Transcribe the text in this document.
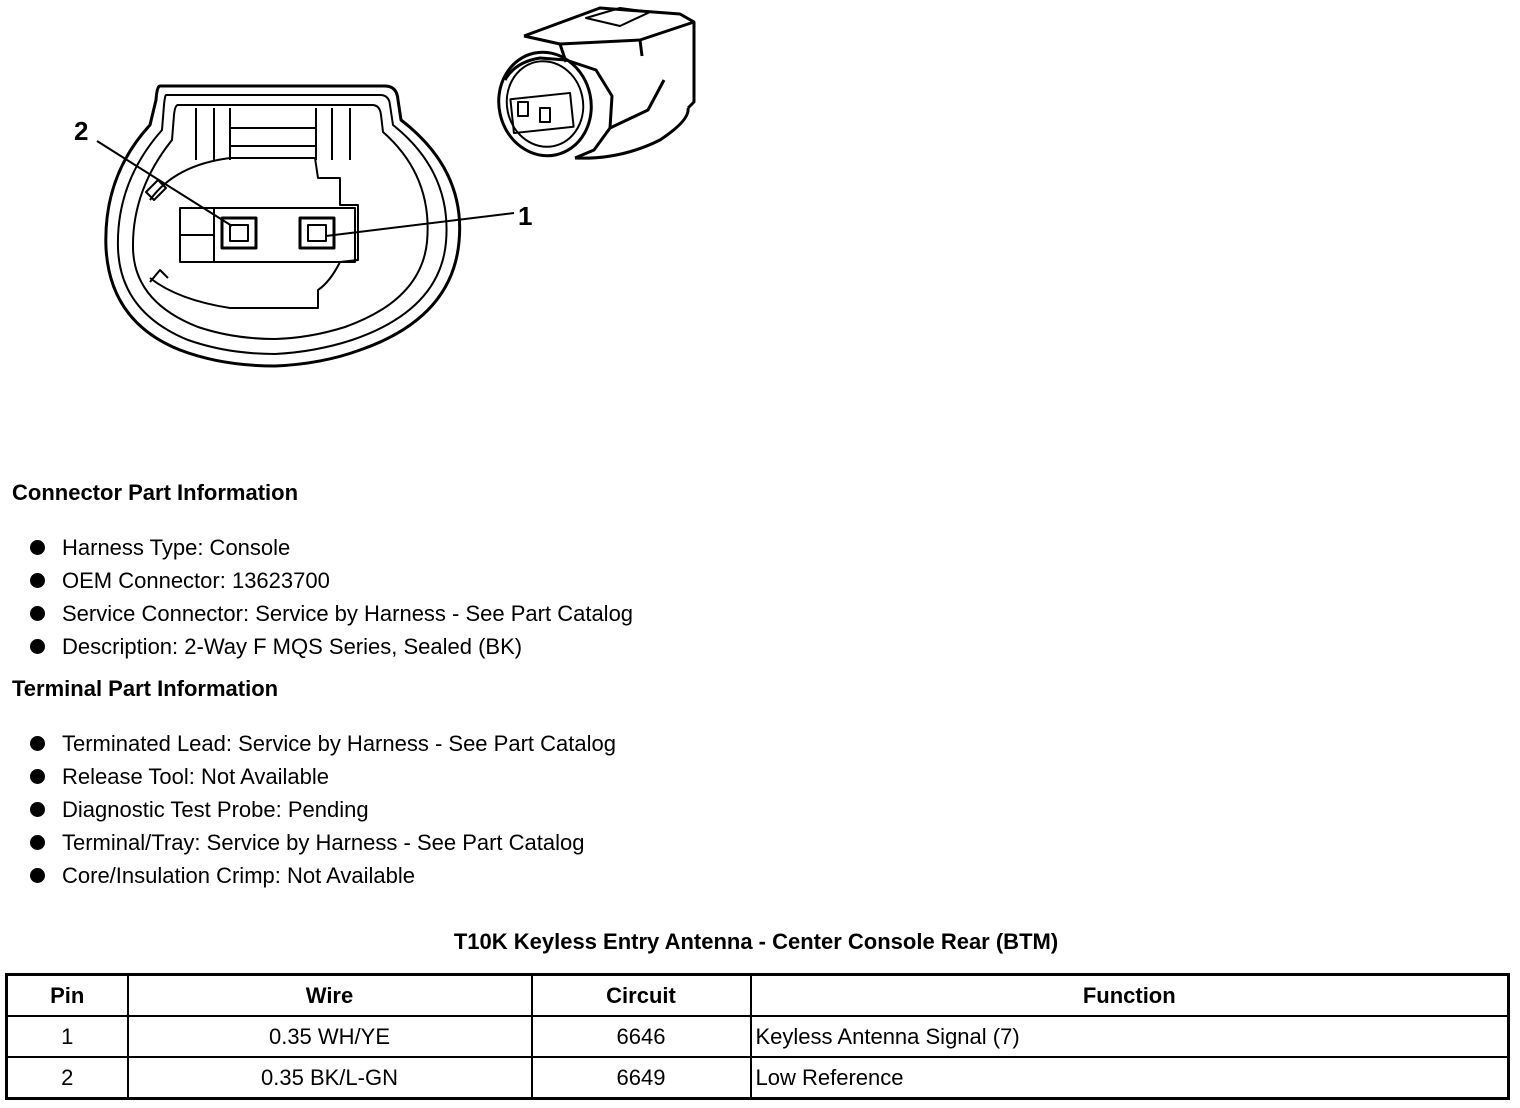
2
1
Connector Part Information
Harness Type: Console
OEM Connector: 13623700
Service Connector: Service by Harness - See Part Catalog
Description: 2-Way F MQS Series, Sealed (BK)
Terminal Part Information
Terminated Lead: Service by Harness - See Part Catalog
Release Tool: Not Available
Diagnostic Test Probe: Pending
Terminal/Tray: Service by Harness - See Part Catalog
Core/Insulation Crimp: Not Available
T10K Keyless Entry Antenna - Center Console Rear (BTM)
Pin	Wire	Circuit	Function
1	0.35 WH/YE	6646	Keyless Antenna Signal (7)
2	0.35 BK/L-GN	6649	Low Reference
